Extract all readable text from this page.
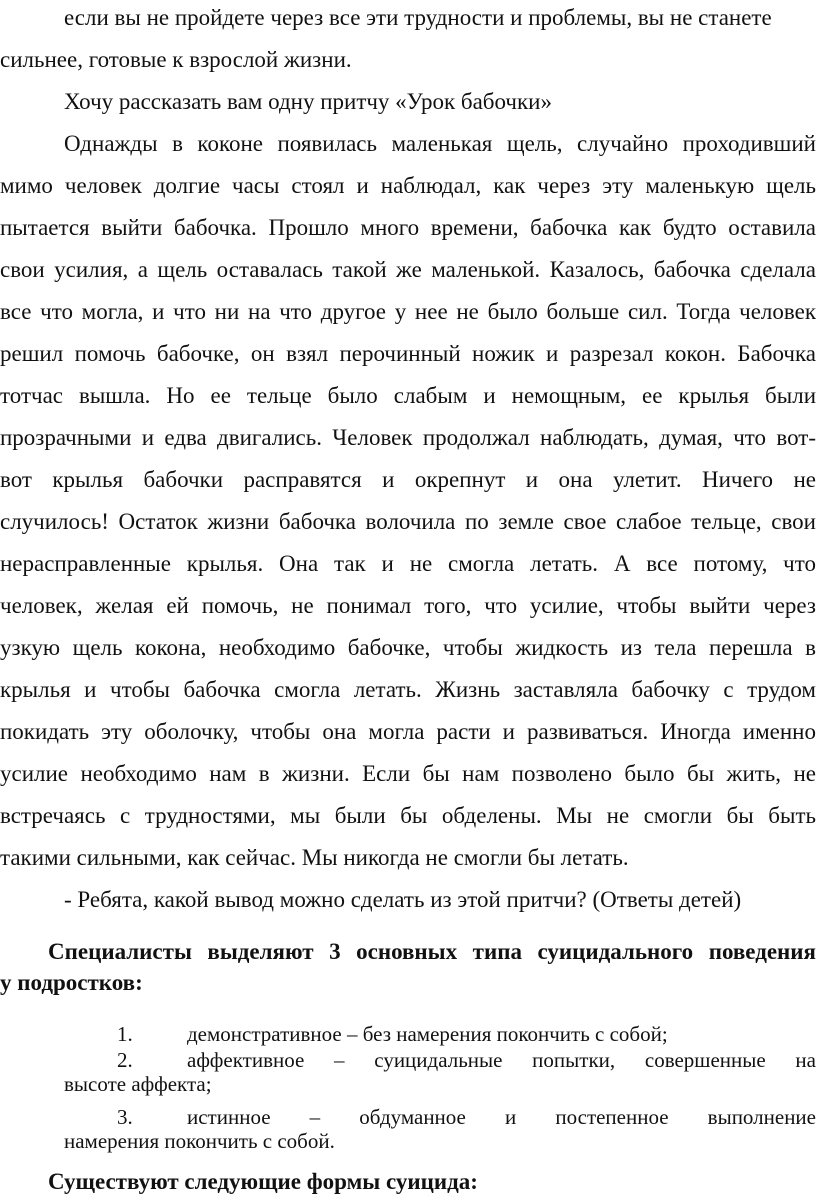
если вы не пройдете через все эти трудности и проблемы, вы не станете
сильнее, готовые к взрослой жизни.
Хочу рассказать вам одну притчу «Урок бабочки»
Однажды в коконе появилась маленькая щель, случайно проходивший
мимо человек долгие часы стоял и наблюдал, как через эту маленькую щель
пытается выйти бабочка. Прошло много времени, бабочка как будто оставила
свои усилия, а щель оставалась такой же маленькой. Казалось, бабочка сделала
все что могла, и что ни на что другое у нее не было больше сил. Тогда человек
решил помочь бабочке, он взял перочинный ножик и разрезал кокон. Бабочка
тотчас вышла. Но ее тельце было слабым и немощным, ее крылья были
прозрачными и едва двигались. Человек продолжал наблюдать, думая, что вот-
вот крылья бабочки расправятся и окрепнут и она улетит. Ничего не
случилось! Остаток жизни бабочка волочила по земле свое слабое тельце, свои
нерасправленные крылья. Она так и не смогла летать. А все потому, что
человек, желая ей помочь, не понимал того, что усилие, чтобы выйти через
узкую щель кокона, необходимо бабочке, чтобы жидкость из тела перешла в
крылья и чтобы бабочка смогла летать. Жизнь заставляла бабочку с трудом
покидать эту оболочку, чтобы она могла расти и развиваться. Иногда именно
усилие необходимо нам в жизни. Если бы нам позволено было бы жить, не
встречаясь с трудностями, мы были бы обделены. Мы не смогли бы быть
такими сильными, как сейчас. Мы никогда не смогли бы летать.
- Ребята, какой вывод можно сделать из этой притчи? (Ответы детей)
Специалисты выделяют 3 основных типа суицидального поведения
у подростков:
1.	демонстративное – без намерения покончить с собой;
2.	аффективное – суицидальные попытки, совершенные на
высоте аффекта;
3.	истинное – обдуманное и постепенное выполнение
намерения покончить с собой.
Существуют следующие формы суицида:
